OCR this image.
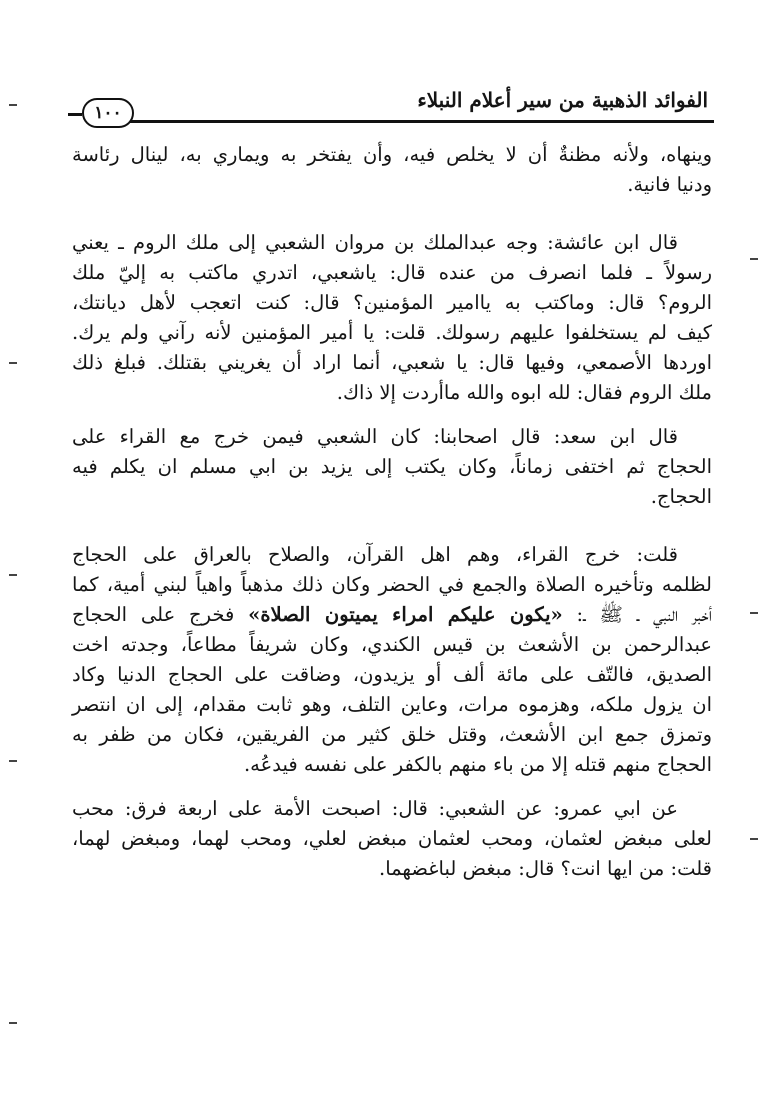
الفوائد الذهبية من سير أعلام النبلاء
١٠٠
وينهاه، ولأنه مظنةٌ أن لا يخلص فيه، وأن يفتخر به ويماري به، لينال رئاسة
ودنيا فانية.
قال ابن عائشة: وجه عبدالملك بن مروان الشعبي إلى ملك الروم ـ يعني
رسولاً ـ فلما انصرف من عنده قال: ياشعبي، اتدري ماكتب به إليّ ملك
الروم؟ قال: وماكتب به ياامير المؤمنين؟ قال: كنت اتعجب لأهل ديانتك،
كيف لم يستخلفوا عليهم رسولك. قلت: يا أمير المؤمنين لأنه رآني ولم يرك.
اوردها الأصمعي، وفيها قال: يا شعبي، أنما اراد أن يغريني بقتلك. فبلغ ذلك
ملك الروم فقال: لله ابوه والله ماأردت إلا ذاك.
قال ابن سعد: قال اصحابنا: كان الشعبي فيمن خرج مع القراء على
الحجاج ثم اختفى زماناً، وكان يكتب إلى يزيد بن ابي مسلم ان يكلم فيه
الحجاج.
قلت: خرج القراء، وهم اهل القرآن، والصلاح بالعراق على الحجاج
لظلمه وتأخيره الصلاة والجمع في الحضر وكان ذلك مذهباً واهياً لبني أمية، كما
أخبر النبي ـ ﷺ ـ: «يكون عليكم امراء يميتون الصلاة» فخرج على الحجاج
عبدالرحمن بن الأشعث بن قيس الكندي، وكان شريفاً مطاعاً، وجدته اخت
الصديق، فالتّف على مائة ألف أو يزيدون، وضاقت على الحجاج الدنيا وكاد
ان يزول ملكه، وهزموه مرات، وعاين التلف، وهو ثابت مقدام، إلى ان انتصر
وتمزق جمع ابن الأشعث، وقتل خلق كثير من الفريقين، فكان من ظفر به
الحجاج منهم قتله إلا من باء منهم بالكفر على نفسه فيدعُه.
عن ابي عمرو: عن الشعبي: قال: اصبحت الأمة على اربعة فرق: محب
لعلى مبغض لعثمان، ومحب لعثمان مبغض لعلي، ومحب لهما، ومبغض لهما،
قلت: من ايها انت؟ قال: مبغض لباغضهما.
